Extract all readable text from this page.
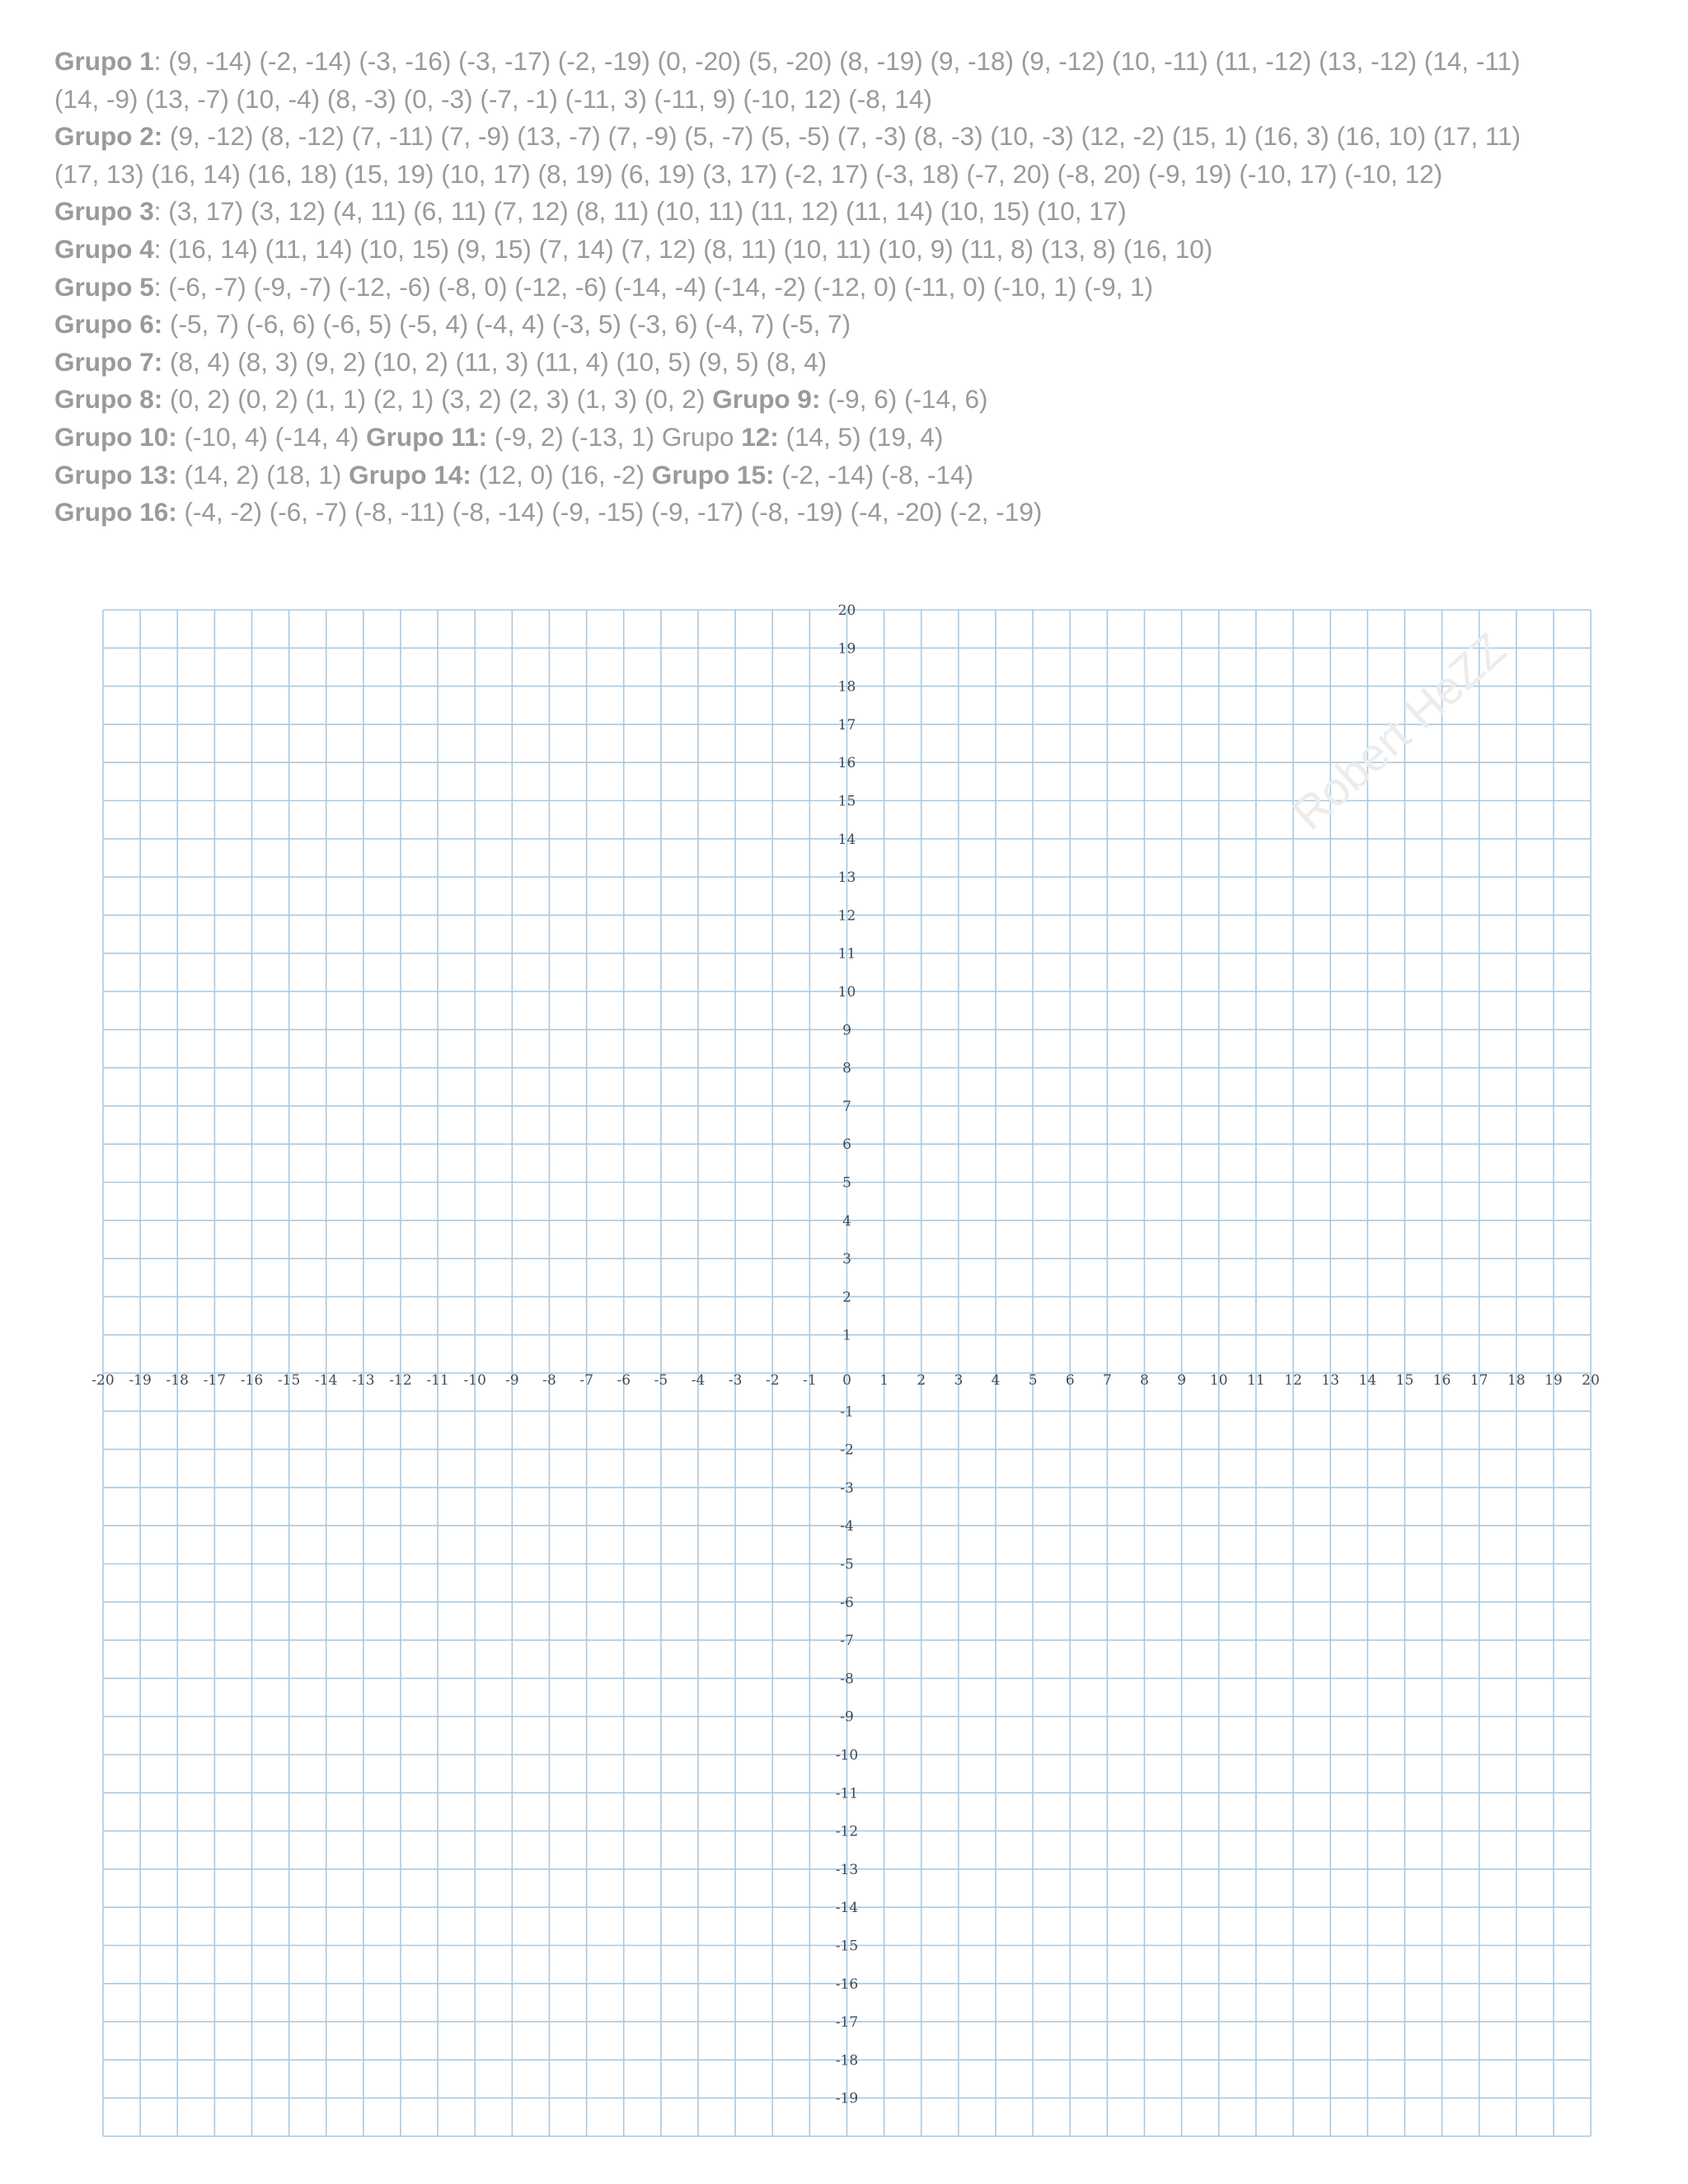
Grupo 1: (9, -14) (-2, -14) (-3, -16) (-3, -17) (-2, -19) (0, -20) (5, -20) (8, -19) (9, -18) (9, -12) (10, -11) (11, -12) (13, -12) (14, -11)
(14, -9) (13, -7) (10, -4) (8, -3) (0, -3) (-7, -1) (-11, 3) (-11, 9) (-10, 12) (-8, 14)
Grupo 2: (9, -12) (8, -12) (7, -11) (7, -9) (13, -7) (7, -9) (5, -7) (5, -5) (7, -3) (8, -3) (10, -3) (12, -2) (15, 1) (16, 3) (16, 10) (17, 11)
(17, 13) (16, 14) (16, 18) (15, 19) (10, 17) (8, 19) (6, 19) (3, 17) (-2, 17) (-3, 18) (-7, 20) (-8, 20) (-9, 19) (-10, 17) (-10, 12)
Grupo 3: (3, 17) (3, 12) (4, 11) (6, 11) (7, 12) (8, 11) (10, 11) (11, 12) (11, 14) (10, 15) (10, 17)
Grupo 4: (16, 14) (11, 14) (10, 15) (9, 15) (7, 14) (7, 12) (8, 11) (10, 11) (10, 9) (11, 8) (13, 8) (16, 10)
Grupo 5: (-6, -7) (-9, -7) (-12, -6) (-8, 0) (-12, -6) (-14, -4) (-14, -2) (-12, 0) (-11, 0) (-10, 1) (-9, 1)
Grupo 6: (-5, 7) (-6, 6) (-6, 5) (-5, 4) (-4, 4) (-3, 5) (-3, 6) (-4, 7) (-5, 7)
Grupo 7: (8, 4) (8, 3) (9, 2) (10, 2) (11, 3) (11, 4) (10, 5) (9, 5) (8, 4)
Grupo 8: (0, 2) (0, 2) (1, 1) (2, 1) (3, 2) (2, 3) (1, 3) (0, 2) Grupo 9: (-9, 6) (-14, 6)
Grupo 10: (-10, 4) (-14, 4) Grupo 11: (-9, 2) (-13, 1) Grupo 12: (14, 5) (19, 4)
Grupo 13: (14, 2) (18, 1) Grupo 14: (12, 0) (16, -2) Grupo 15: (-2, -14) (-8, -14)
Grupo 16: (-4, -2) (-6, -7) (-8, -11) (-8, -14) (-9, -15) (-9, -17) (-8, -19) (-4, -20) (-2, -19)
Robert HeZZ
-20 -19 -18 -17 -16 -15 -14 -13 -12 -11 -10 -9 -8 -7 -6 -5 -4 -3 -2 -1 0 1 2 3 4 5 6 7 8 9 10 11 12 13 14 15 16 17 18 19 20
-19
-18
-17
-16
-15
-14
-13
-12
-11
-10
-9
-8
-7
-6
-5
-4
-3
-2
-1
1
2
3
4
5
6
7
8
9
10
11
12
13
14
15
16
17
18
19
20
